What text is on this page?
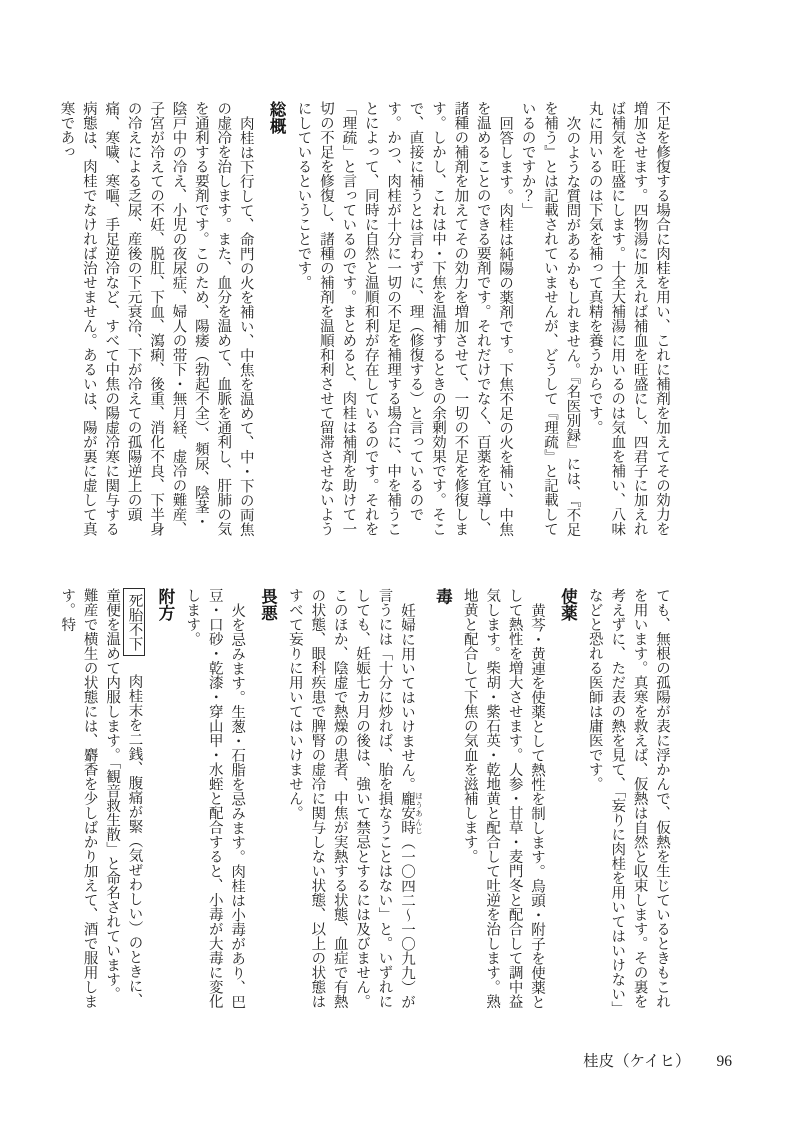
不足を修復する場合に肉桂を用い、これに補剤を加えてその効力を増加させます。四物湯に加えれば補血を旺盛にし、四君子に加えれば補気を旺盛にします。十全大補湯に用いるのは気血を補い、八味丸に用いるのは下気を補って真精を養うからです。

次のような質問があるかもしれません。『名医別録』には、『不足を補う』とは記載されていませんが、どうして『理疏』と記載しているのですか？」

回答します。肉桂は純陽の薬剤です。下焦不足の火を補い、中焦を温めることのできる要剤です。それだけでなく、百薬を宜導し、諸種の補剤を加えてその効力を増加させて、一切の不足を修復します。しかし、これは中・下焦を温補するときの余剰効果です。そこで、直接に補うとは言わずに、理（修復する）と言っているのです。かつ、肉桂が十分に一切の不足を補理する場合に、中を補うことによって、同時に自然と温順和利が存在しているのです。それを「理疏」と言っているのです。まとめると、肉桂は補剤を助けて一切の不足を修復し、諸種の補剤を温順和利させて留滞させないようにしているということです。

総概

肉桂は下行して、命門の火を補い、中焦を温めて、中・下の両焦の虚冷を治します。また、血分を温めて、血脈を通利し、肝肺の気を通利する要剤です。このため、陽痿（勃起不全）、頻尿、陰茎・陰戸中の冷え、小児の夜尿症、婦人の帯下・無月経、虚冷の難産、子宮が冷えての不妊、脱肛、下血、瀉痢、後重、消化不良、下半身の冷えによる乏尿、産後の下元衰冷、下が冷えての孤陽逆上の頭痛、寒噦、寒嘔、手足逆冷など、すべて中焦の陽虚冷寒に関与する病態は、肉桂でなければ治せません。あるいは、陽が裏に虚して真寒であっ

ても、無根の孤陽が表に浮かんで、仮熱を生じているときもこれを用います。真寒を救えば、仮熱は自然と収束します。その裏を考えずに、ただ表の熱を見て、「妄りに肉桂を用いてはいけない」などと恐れる医師は庸医です。

使薬

黄芩・黄連を使薬として熱性を制します。烏頭・附子を使薬として熱性を増大させます。人参・甘草・麦門冬と配合して調中益気します。柴胡・紫石英・乾地黄と配合して吐逆を治します。熟地黄と配合して下焦の気血を滋補します。

毒

妊婦に用いてはいけません。龐安時 ほうあんじ（一〇四二～一〇九九）が言うには「十分に炒れば、胎を損なうことはない」と。いずれにしても、妊娠七カ月の後は、強いて禁忌とするには及びません。このほか、陰虚で熱燥の患者、中焦が実熱する状態、血症で有熱の状態、眼科疾患で脾腎の虚冷に関与しない状態、以上の状態はすべて妄りに用いてはいけません。

畏悪

火を忌みます。生葱・石脂を忌みます。肉桂は小毒があり、巴豆・口砂・乾漆・穿山甲・水蛭と配合すると、小毒が大毒に変化します。

附方

死胎不下肉桂末を二銭、腹痛が緊（気ぜわしい）のときに、童便を温めて内服します。「観音救生散」と命名されています。難産で横生の状態には、麝香を少しばかり加えて、酒で服用します。特

桂皮（ケイヒ） 96
